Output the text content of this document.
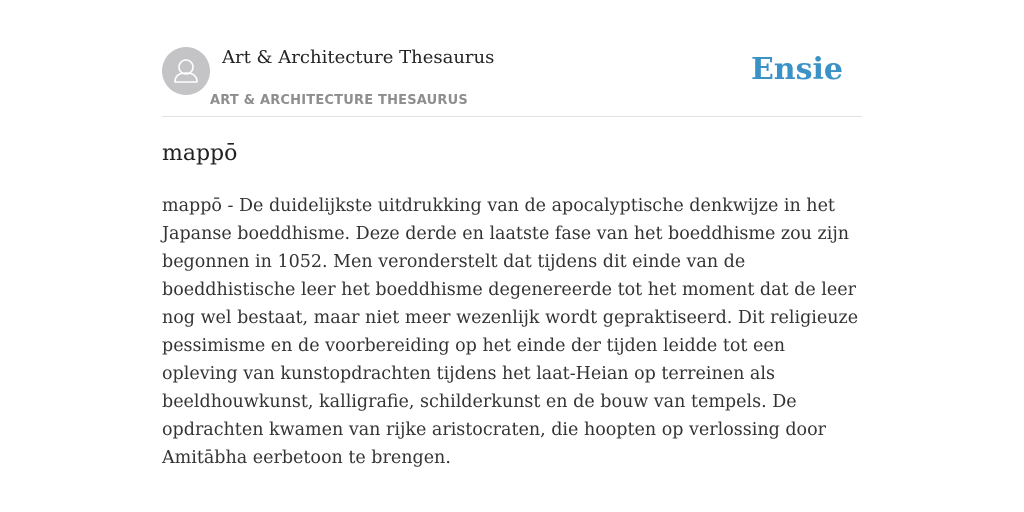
Art & Architecture Thesaurus
ART & ARCHITECTURE THESAURUS
Ensie
mappō

mappō - De duidelijkste uitdrukking van de apocalyptische denkwijze in het Japanse boeddhisme. Deze derde en laatste fase van het boeddhisme zou zijn begonnen in 1052. Men veronderstelt dat tijdens dit einde van de boeddhistische leer het boeddhisme degenereerde tot het moment dat de leer nog wel bestaat, maar niet meer wezenlijk wordt gepraktiseerd. Dit religieuze pessimisme en de voorbereiding op het einde der tijden leidde tot een opleving van kunstopdrachten tijdens het laat-Heian op terreinen als beeldhouwkunst, kalligrafie, schilderkunst en de bouw van tempels. De opdrachten kwamen van rijke aristocraten, die hoopten op verlossing door Amitābha eerbetoon te brengen.
